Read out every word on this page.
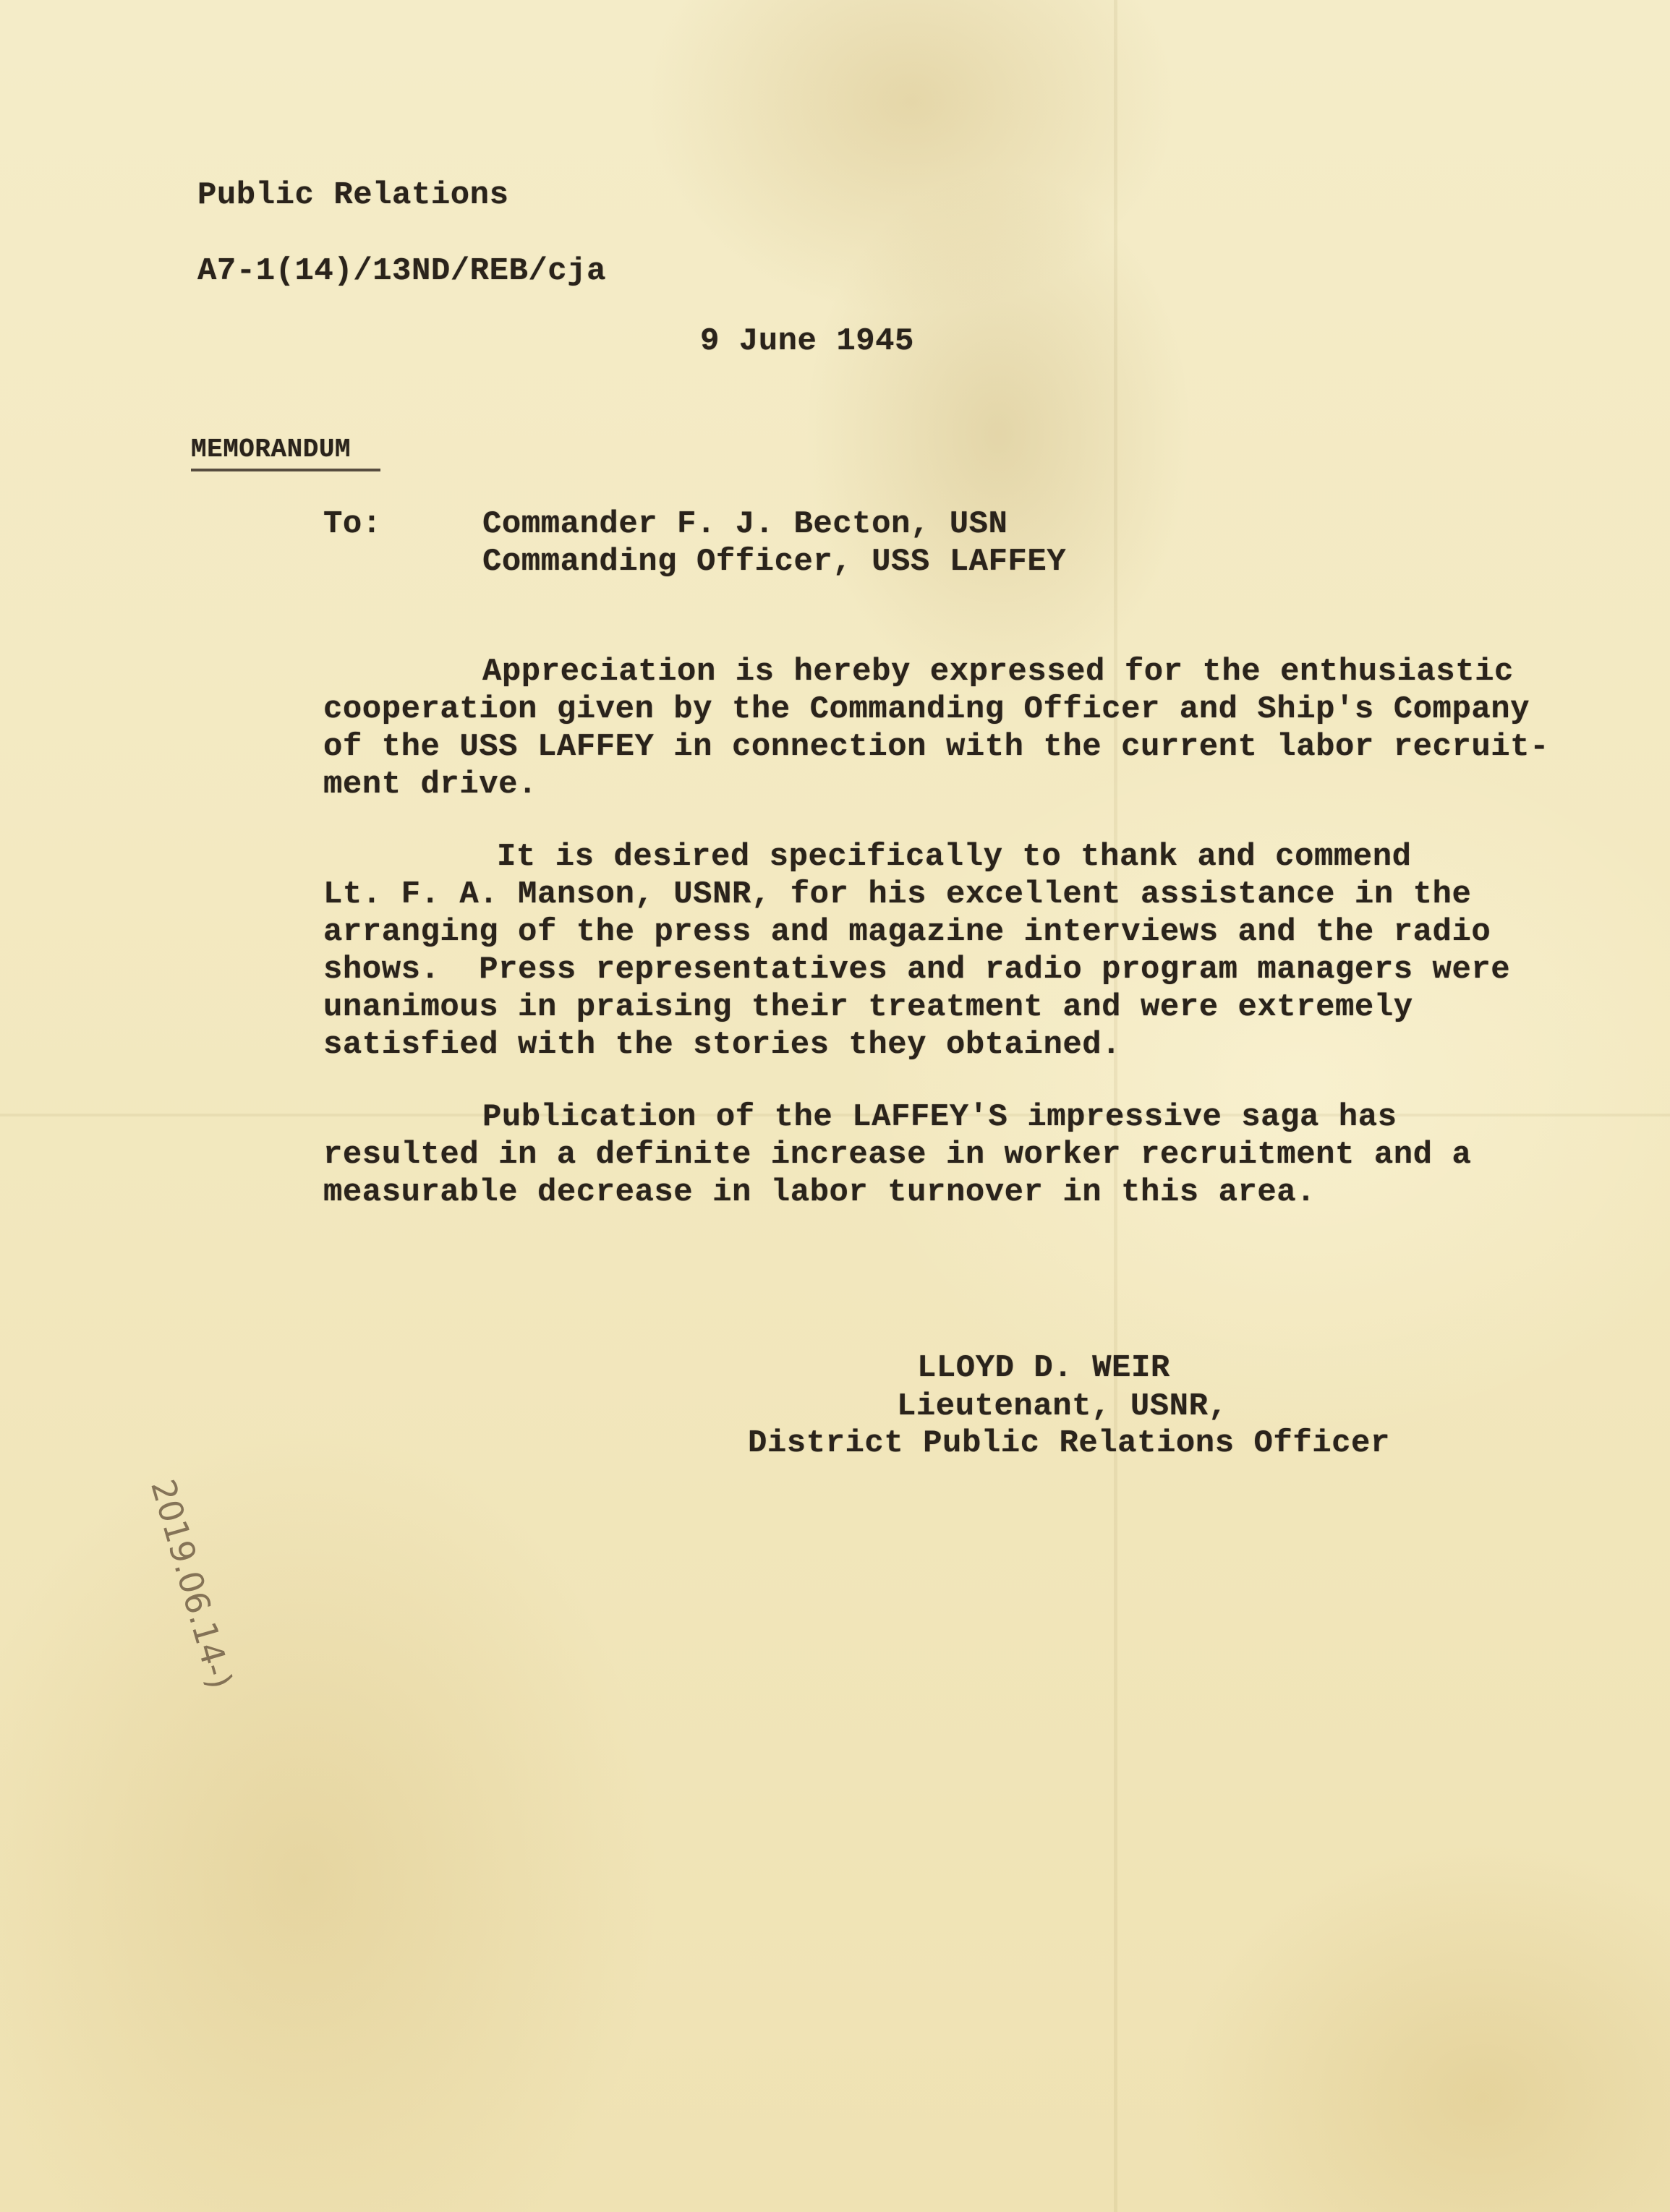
Public Relations
A7-1(14)/13ND/REB/cja
9 June 1945
MEMORANDUM
To:	Commander F. J. Becton, USN
Commanding Officer, USS LAFFEY
Appreciation is hereby expressed for the enthusiastic
cooperation given by the Commanding Officer and Ship's Company
of the USS LAFFEY in connection with the current labor recruit-
ment drive.
It is desired specifically to thank and commend
Lt. F. A. Manson, USNR, for his excellent assistance in the
arranging of the press and magazine interviews and the radio
shows.  Press representatives and radio program managers were
unanimous in praising their treatment and were extremely
satisfied with the stories they obtained.
Publication of the LAFFEY'S impressive saga has
resulted in a definite increase in worker recruitment and a
measurable decrease in labor turnover in this area.
LLOYD D. WEIR
Lieutenant, USNR,
District Public Relations Officer
2019.06.14-)
